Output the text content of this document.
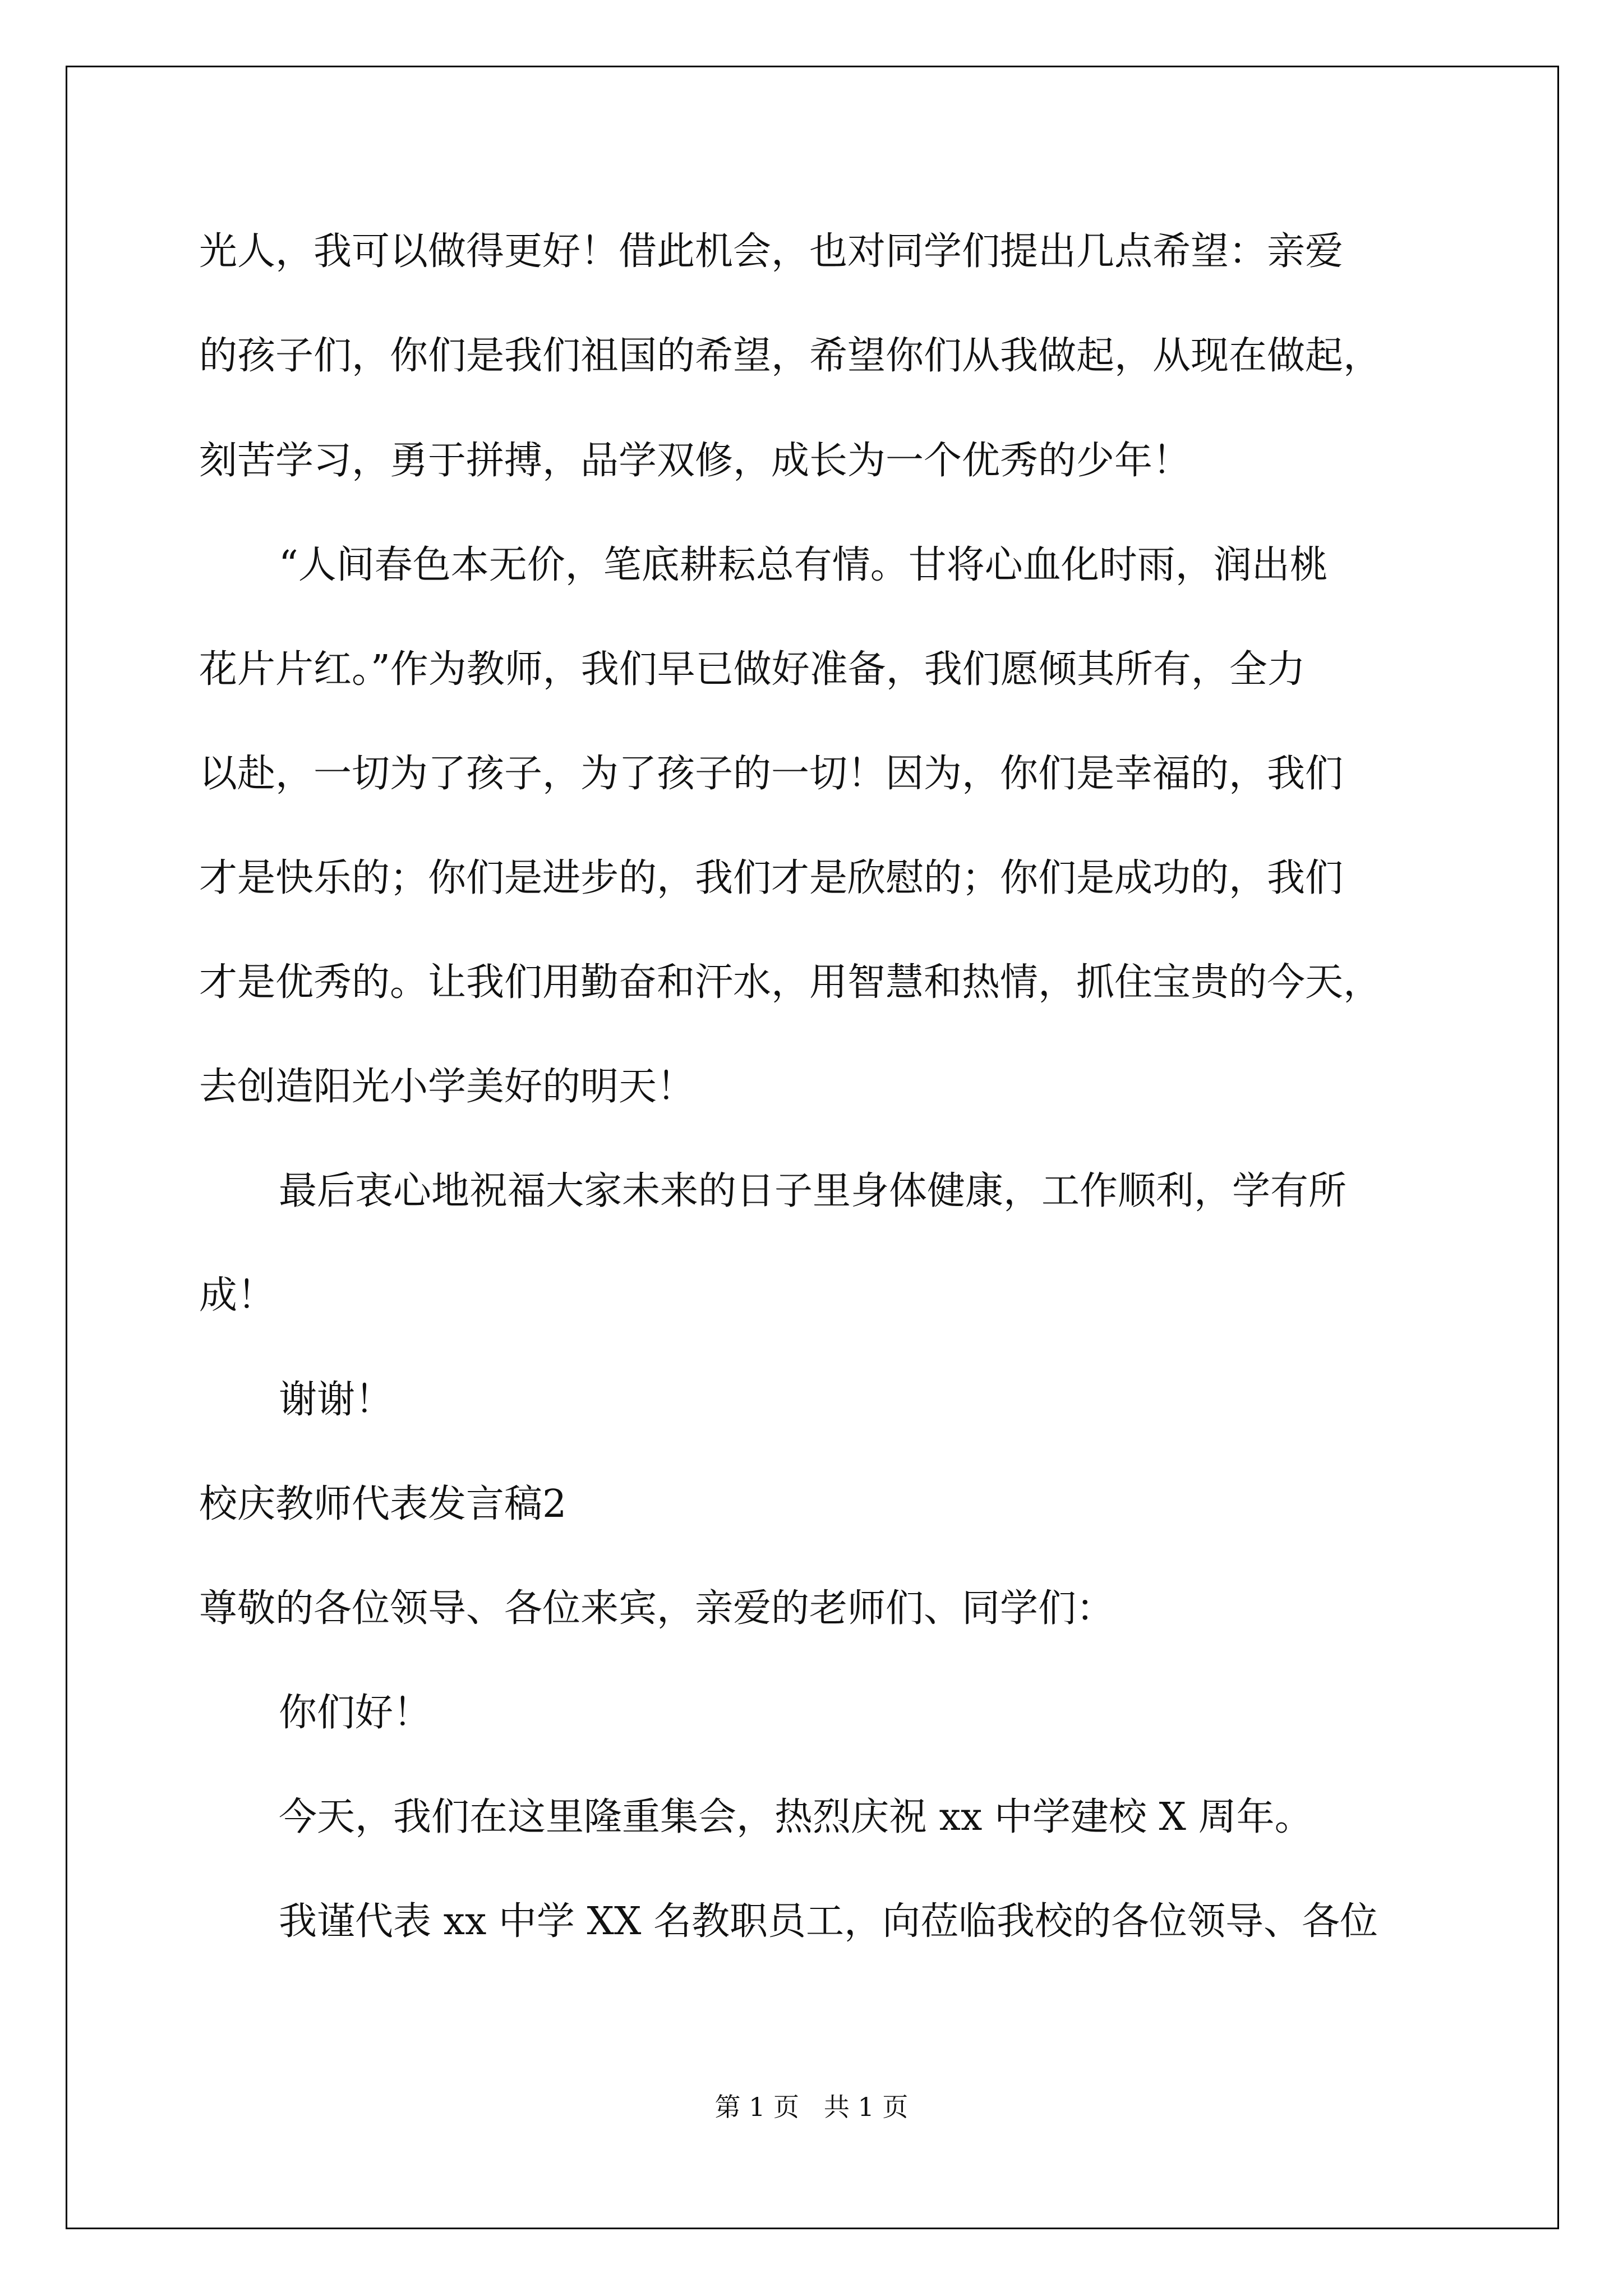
光人，我可以做得更好！借此机会，也对同学们提出几点希望：亲爱
的孩子们，你们是我们祖国的希望，希望你们从我做起，从现在做起，
刻苦学习，勇于拼搏，品学双修，成长为一个优秀的少年！
“人间春色本无价，笔底耕耘总有情。甘将心血化时雨，润出桃
花片片红。”作为教师，我们早已做好准备，我们愿倾其所有，全力
以赴，一切为了孩子，为了孩子的一切！因为，你们是幸福的，我们
才是快乐的；你们是进步的，我们才是欣慰的；你们是成功的，我们
才是优秀的。让我们用勤奋和汗水，用智慧和热情，抓住宝贵的今天，
去创造阳光小学美好的明天！
最后衷心地祝福大家未来的日子里身体健康，工作顺利，学有所
成！
谢谢！
校庆教师代表发言稿2
尊敬的各位领导、各位来宾，亲爱的老师们、同学们：
你们好！
今天，我们在这里隆重集会，热烈庆祝 xx 中学建校 X 周年。
我谨代表 xx 中学 XX 名教职员工，向莅临我校的各位领导、各位
第 1 页   共 1 页
